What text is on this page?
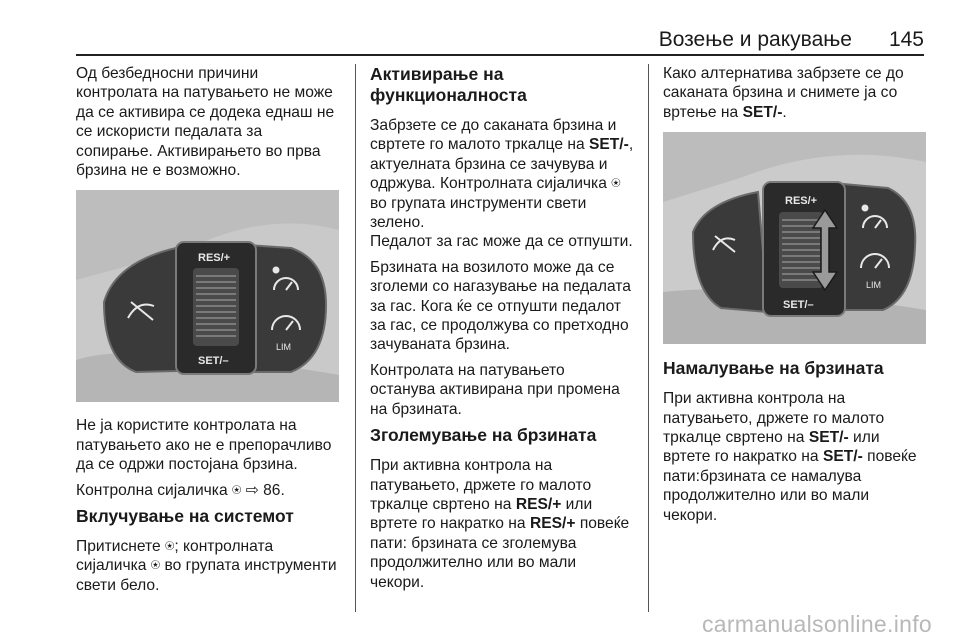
Возење и ракување 145

Од безбедносни причини контролата на патувањето не може да се активира се додека еднаш не се искористи педалата за сопирање. Активирањето во прва брзина не е возможно.

RES/+
SET/–
LIM

Не ја користите контролата на патувањето ако не е препорачливо да се одржи постојана брзина.

Контролна сијаличка ⍟ ⇨ 86.

Вклучување на системот

Притиснете ⍟; контролната сијаличка ⍟ во групата инструменти свети бело.

Активирање на функционалноста

Забрзете се до саканата брзина и свртете го малото тркалце на SET/-, актуелната брзина се зачувува и одржува. Контролната сијаличка ⍟ во групата инструменти свети зелено.
Педалот за гас може да се отпушти.

Брзината на возилото може да се зголеми со нагазување на педалата за гас. Кога ќе се отпушти педалот за гас, се продолжува со претходно зачуваната брзина.

Контролата на патувањето останува активирана при промена на брзината.

Зголемување на брзината

При активна контрола на патувањето, држете го малото тркалце свртено на RES/+ или вртете го накратко на RES/+ повеќе пати: брзината се зголемува продолжително или во мали чекори.

Како алтернатива забрзете се до саканата брзина и снимете ја со вртење на SET/-.

RES/+
SET/–
LIM
Намалување на брзината

При активна контрола на патувањето, држете го малото тркалце свртено на SET/- или вртете го накратко на SET/- повеќе пати:брзината се намалува продолжително или во мали чекори.

carmanualsonline.info
